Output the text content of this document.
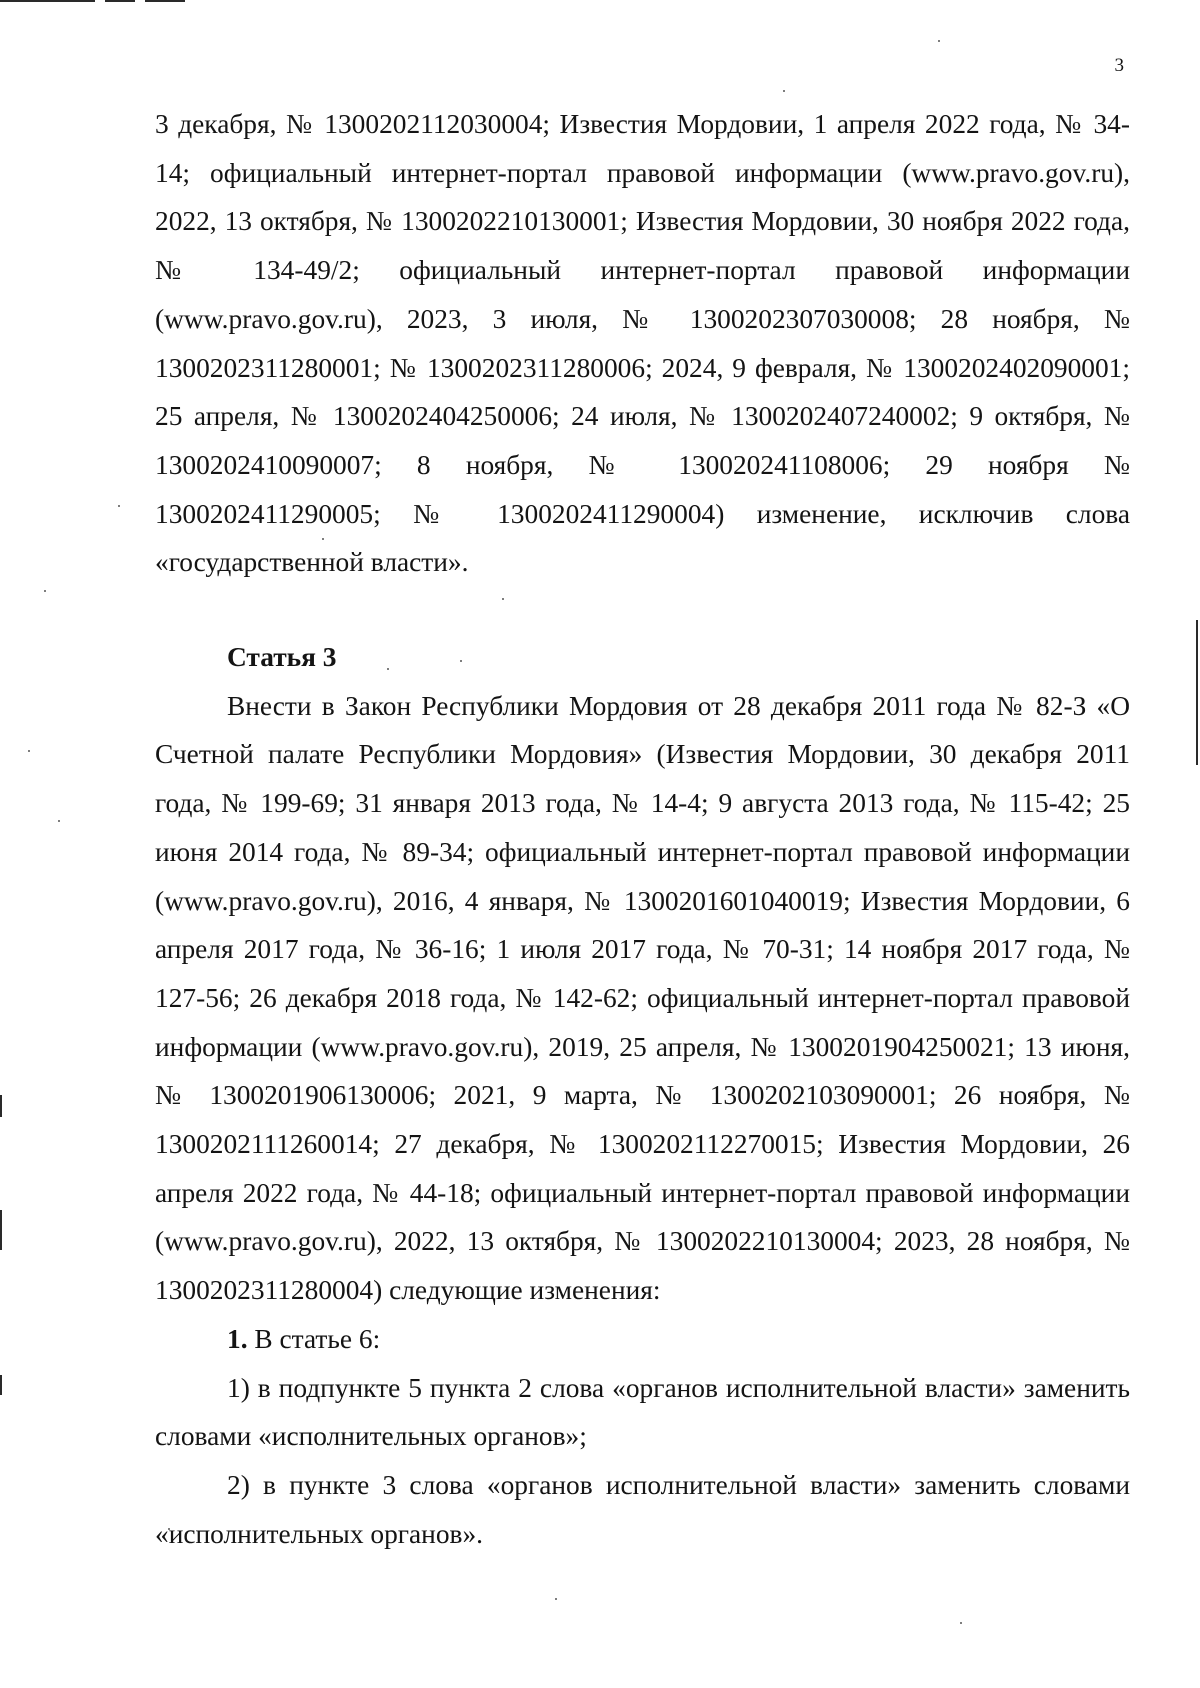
3

3 декабря, № 1300202112030004; Известия Мордовии, 1 апреля 2022 года, № 34-14; официальный интернет-портал правовой информации (www.pravo.gov.ru), 2022, 13 октября, № 1300202210130001; Известия Мордовии, 30 ноября 2022 года, № 134-49/2; официальный интернет-портал правовой информации (www.pravo.gov.ru), 2023, 3 июля, № 1300202307030008; 28 ноября, № 1300202311280001; № 1300202311280006; 2024, 9 февраля, № 1300202402090001; 25 апреля, № 1300202404250006; 24 июля, № 1300202407240002; 9 октября, № 1300202410090007; 8 ноября, № 130020241108006; 29 ноября № 1300202411290005; № 1300202411290004) изменение, исключив слова «государственной власти».

Статья 3

Внести в Закон Республики Мордовия от 28 декабря 2011 года № 82-З «О Счетной палате Республики Мордовия» (Известия Мордовии, 30 декабря 2011 года, № 199-69; 31 января 2013 года, № 14-4; 9 августа 2013 года, № 115-42; 25 июня 2014 года, № 89-34; официальный интернет-портал правовой информации (www.pravo.gov.ru), 2016, 4 января, № 1300201601040019; Известия Мордовии, 6 апреля 2017 года, № 36-16; 1 июля 2017 года, № 70-31; 14 ноября 2017 года, № 127-56; 26 декабря 2018 года, № 142-62; официальный интернет-портал правовой информации (www.pravo.gov.ru), 2019, 25 апреля, № 1300201904250021; 13 июня, № 1300201906130006; 2021, 9 марта, № 1300202103090001; 26 ноября, № 1300202111260014; 27 декабря, № 1300202112270015; Известия Мордовии, 26 апреля 2022 года, № 44-18; официальный интернет-портал правовой информации (www.pravo.gov.ru), 2022, 13 октября, № 1300202210130004; 2023, 28 ноября, № 1300202311280004) следующие изменения:

1. В статье 6:

1) в подпункте 5 пункта 2 слова «органов исполнительной власти» заменить словами «исполнительных органов»;

2) в пункте 3 слова «органов исполнительной власти» заменить словами «исполнительных органов».
